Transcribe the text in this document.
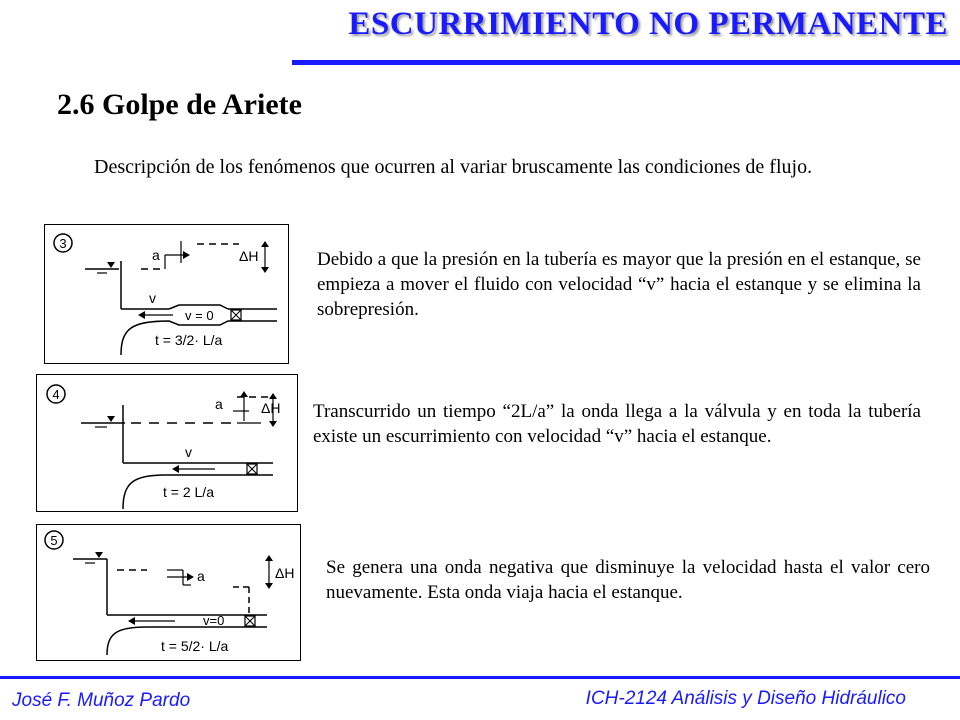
ESCURRIMIENTO NO PERMANENTE
2.6 Golpe de Ariete
Descripción de los fenómenos que ocurren al variar bruscamente las condiciones de flujo.
3
a	ΔH
v
v = 0
t = 3/2· L/a
Debido a que la presión en la tubería es mayor que la presión en el estanque, se empieza a mover el fluido con velocidad “v” hacia el estanque y se elimina la sobrepresión.
4
a	ΔH
v
t = 2 L/a
Transcurrido un tiempo “2L/a” la onda llega a la válvula y en toda la tubería existe un escurrimiento con velocidad “v” hacia el estanque.
5
a	ΔH
v=0
t = 5/2· L/a
Se genera una onda negativa que disminuye la velocidad hasta el valor cero nuevamente. Esta onda viaja hacia el estanque.
José F. Muñoz Pardo	ICH-2124 Análisis y Diseño Hidráulico
